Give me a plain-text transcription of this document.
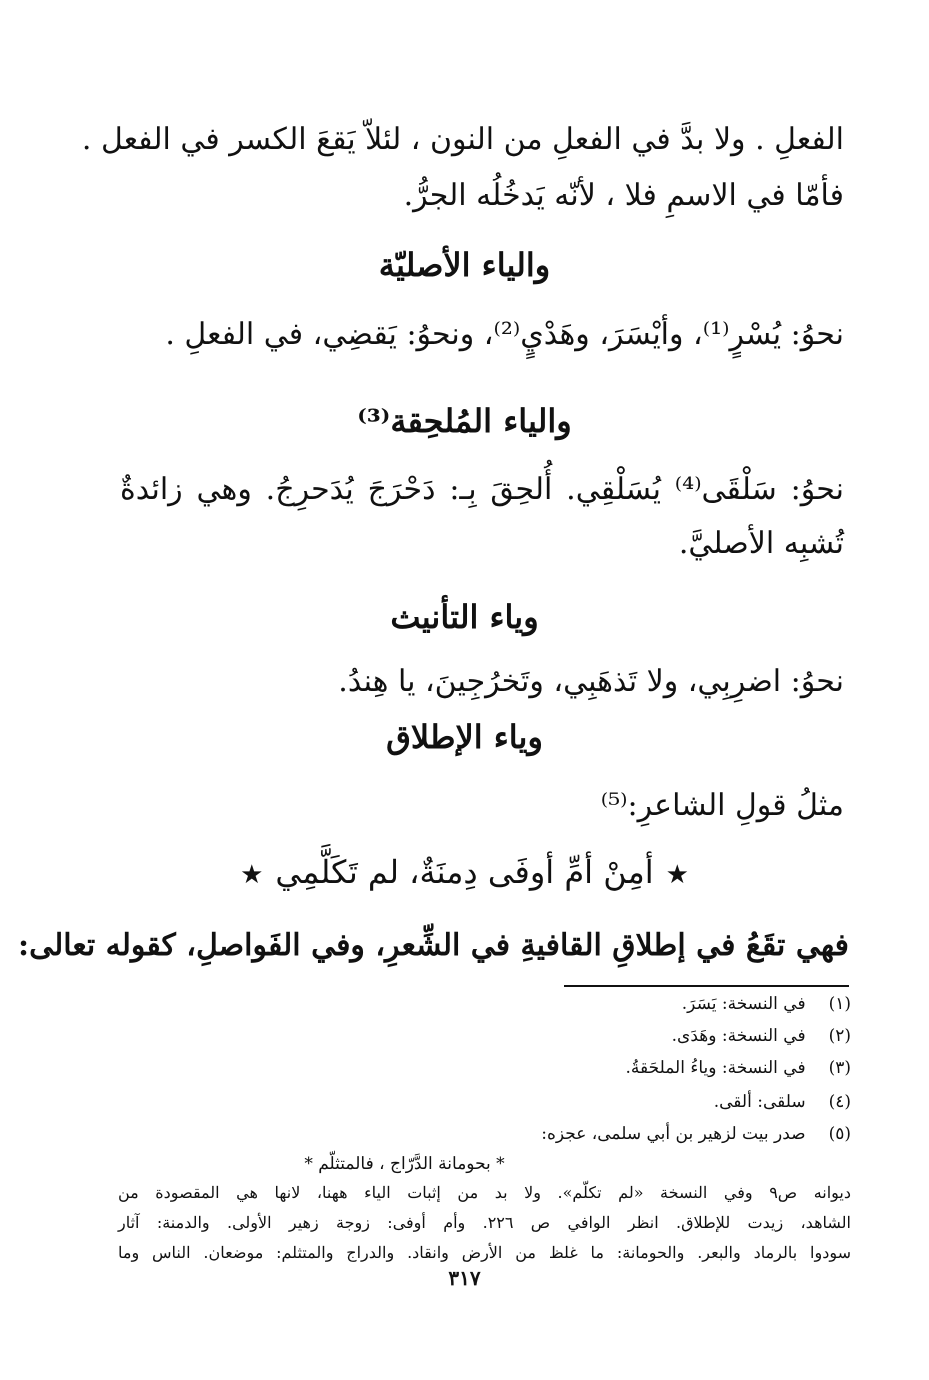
الفعلِ . ولا بدَّ في الفعلِ من النون ، لئلاّ يَقعَ الكسر في الفعل .
فأمّا في الاسمِ فلا ، لأنّه يَدخُلُه الجرُّ.
والياء الأصليّة
نحوُ: يُسْرٍ⁽¹⁾، وأيْسَرَ، وهَدْيٍ⁽²⁾، ونحوُ: يَقضِي، في الفعلِ .
والياء المُلحِقة⁽³⁾
نحوُ: سَلْقَى⁽⁴⁾ يُسَلْقِي. أُلحِقَ بِـ: دَحْرَجَ يُدَحرِجُ. وهي زائدةٌ
تُشبِه الأصليَّ.
وياء التأنيث
نحوُ: اضرِبِي، ولا تَذهَبِي، وتَخرُجِينَ، يا هِندُ.
وياء الإطلاق
مثلُ قولِ الشاعرِ:⁽⁵⁾
★أمِنْ أمِّ أوفَى دِمنَةٌ، لم تَكَلَّمِي★
فهي تقَعُ في إطلاقِ القافيةِ في الشِّعرِ، وفي الفَواصلِ، كقوله تعالى:
(١) في النسخة: يَسَرَ.
(٢) في النسخة: وهَدَى.
(٣) في النسخة: وياءُ الملحَقةُ.
(٤) سلقى: ألقى.
(٥) صدر بيت لزهير بن أبي سلمى، عجزه:
* بحومانة الدَّرّاج ، فالمتثلّم *
ديوانه ص٩ وفي النسخة «لم تكلّم». ولا بد من إثبات الياء ههنا، لانها هي المقصودة من
الشاهد، زيدت للإطلاق. انظر الوافي ص ٢٢٦. وأم أوفى: زوجة زهير الأولى. والدمنة: آثار
سودوا بالرماد والبعر. والحومانة: ما غلظ من الأرض وانقاد. والدراج والمتثلم: موضعان. الناس وما
٣١٧
